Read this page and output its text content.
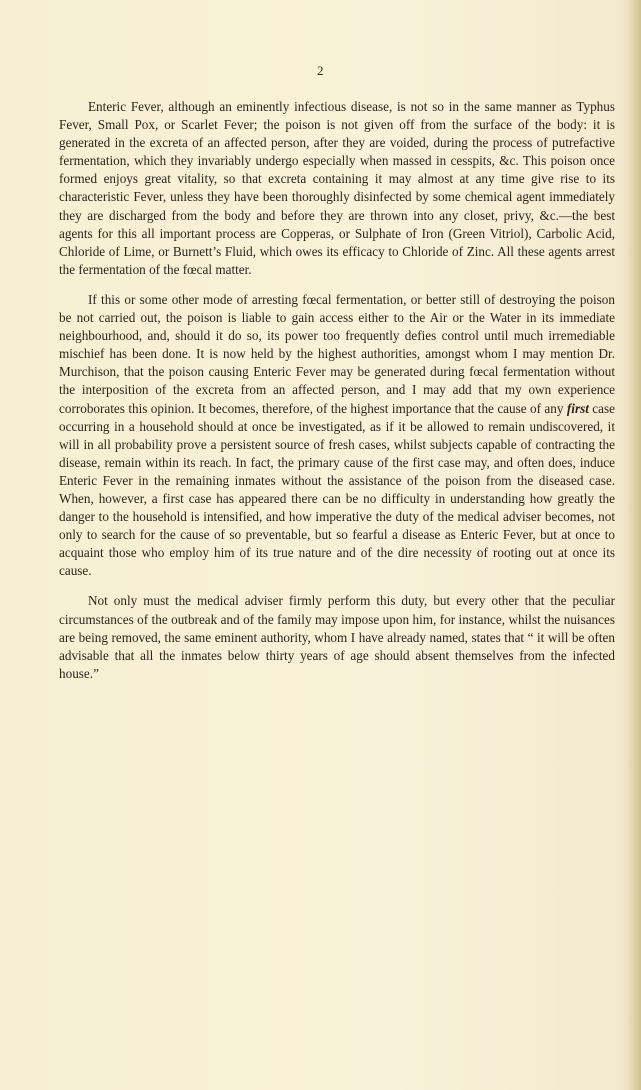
2

Enteric Fever, although an eminently infectious disease, is not so in the same manner as Typhus Fever, Small Pox, or Scarlet Fever; the poison is not given off from the surface of the body: it is generated in the excreta of an affected person, after they are voided, during the process of putrefactive fermentation, which they invariably undergo especially when massed in cesspits, &c. This poison once formed enjoys great vitality, so that excreta containing it may almost at any time give rise to its characteristic Fever, unless they have been thoroughly disinfected by some chemical agent immediately they are discharged from the body and before they are thrown into any closet, privy, &c.—the best agents for this all important process are Copperas, or Sulphate of Iron (Green Vitriol), Carbolic Acid, Chloride of Lime, or Burnett’s Fluid, which owes its efficacy to Chloride of Zinc. All these agents arrest the fermentation of the fœcal matter.

If this or some other mode of arresting fœcal fermentation, or better still of destroying the poison be not carried out, the poison is liable to gain access either to the Air or the Water in its immediate neighbourhood, and, should it do so, its power too frequently defies control until much irremediable mischief has been done. It is now held by the highest authorities, amongst whom I may mention Dr. Murchison, that the poison causing Enteric Fever may be generated during fœcal fermentation without the interposition of the excreta from an affected person, and I may add that my own experience corroborates this opinion. It becomes, therefore, of the highest importance that the cause of any first case occurring in a household should at once be investigated, as if it be allowed to remain undiscovered, it will in all probability prove a persistent source of fresh cases, whilst subjects capable of contracting the disease, remain within its reach. In fact, the primary cause of the first case may, and often does, induce Enteric Fever in the remaining inmates without the assistance of the poison from the diseased case. When, however, a first case has appeared there can be no difficulty in understanding how greatly the danger to the household is intensified, and how imperative the duty of the medical adviser becomes, not only to search for the cause of so preventable, but so fearful a disease as Enteric Fever, but at once to acquaint those who employ him of its true nature and of the dire necessity of rooting out at once its cause.

Not only must the medical adviser firmly perform this duty, but every other that the peculiar circumstances of the outbreak and of the family may impose upon him, for instance, whilst the nuisances are being removed, the same eminent authority, whom I have already named, states that “ it will be often advisable that all the inmates below thirty years of age should absent themselves from the infected house.”
